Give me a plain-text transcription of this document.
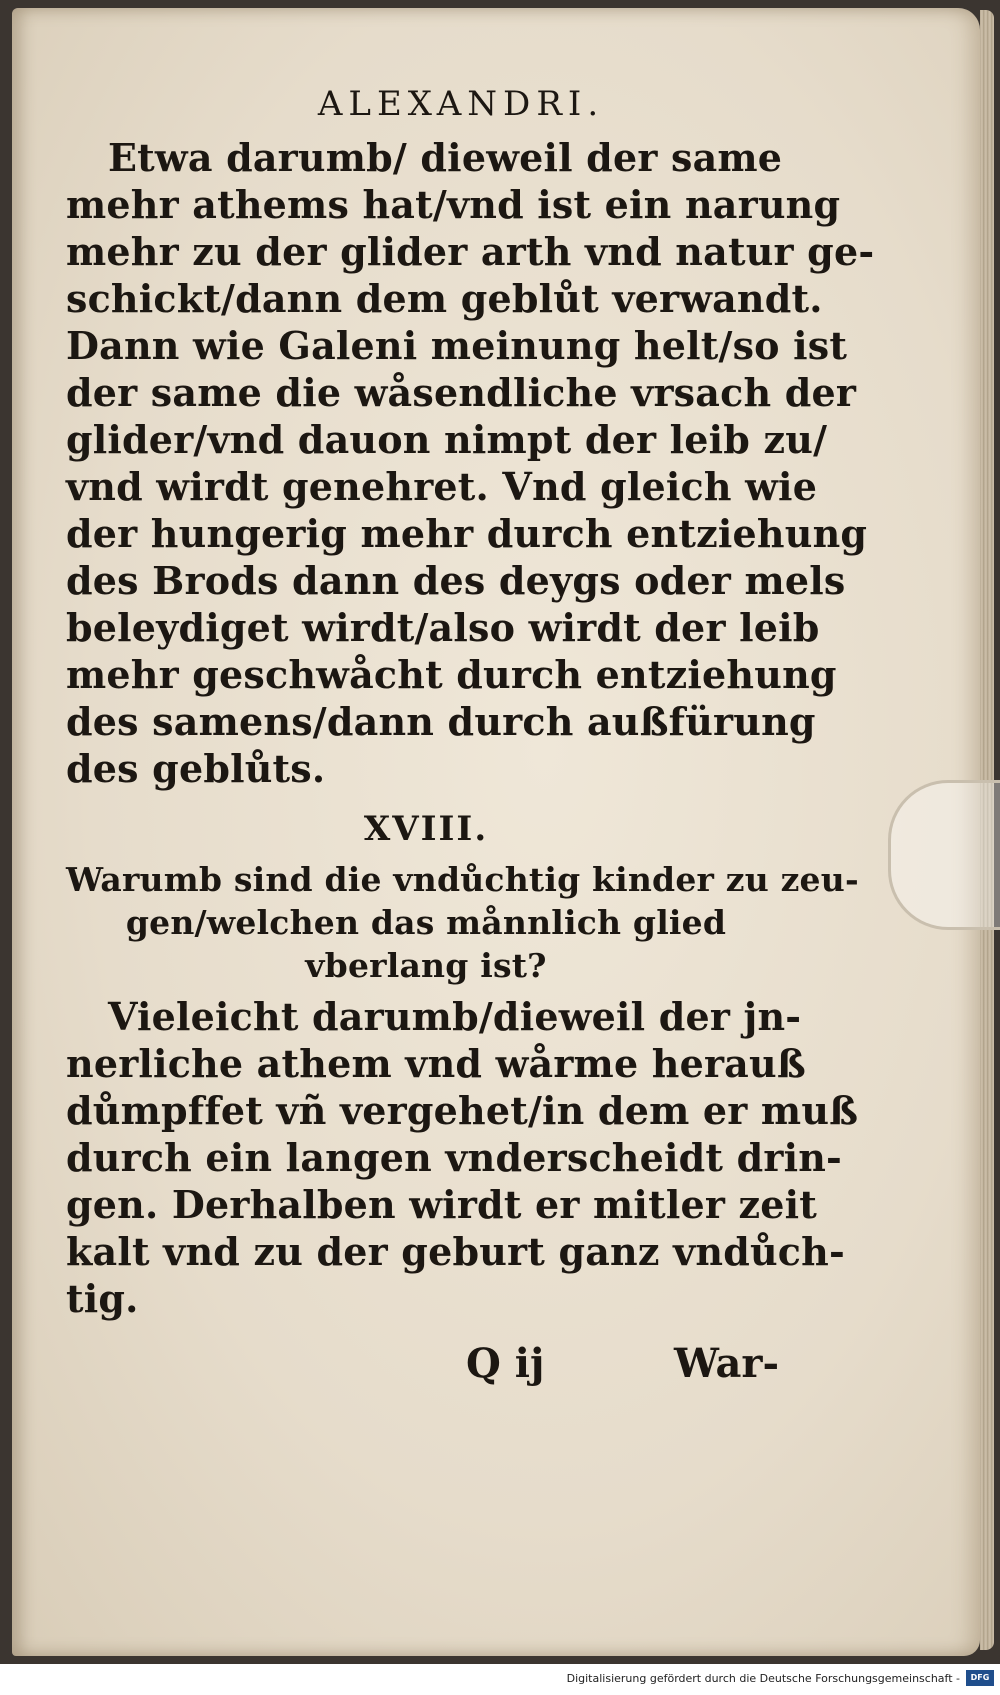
ALEXANDRI.
Etwa darumb/ dieweil der same
mehr athems hat/vnd ist ein narung
mehr zu der glider arth vnd natur ge-
schickt/dann dem geblůt verwandt.
Dann wie Galeni meinung helt/so ist
der same die wåsendliche vrsach der
glider/vnd dauon nimpt der leib zu/
vnd wirdt genehret. Vnd gleich wie
der hungerig mehr durch entziehung
des Brods dann des deygs oder mels
beleydiget wirdt/also wirdt der leib
mehr geschwåcht durch entziehung
des samens/dann durch außfürung
des geblůts.
XVIII.
Warumb sind die vndůchtig kinder zu zeu-
gen/welchen das månnlich glied
vberlang ist?
Vieleicht darumb/dieweil der jn-
nerliche athem vnd wårme herauß
důmpffet vñ vergehet/in dem er muß
durch ein langen vnderscheidt drin-
gen. Derhalben wirdt er mitler zeit
kalt vnd zu der geburt ganz vndůch-
tig.
Q ij	War-
Digitalisierung gefördert durch die Deutsche Forschungsgemeinschaft -	DFG
